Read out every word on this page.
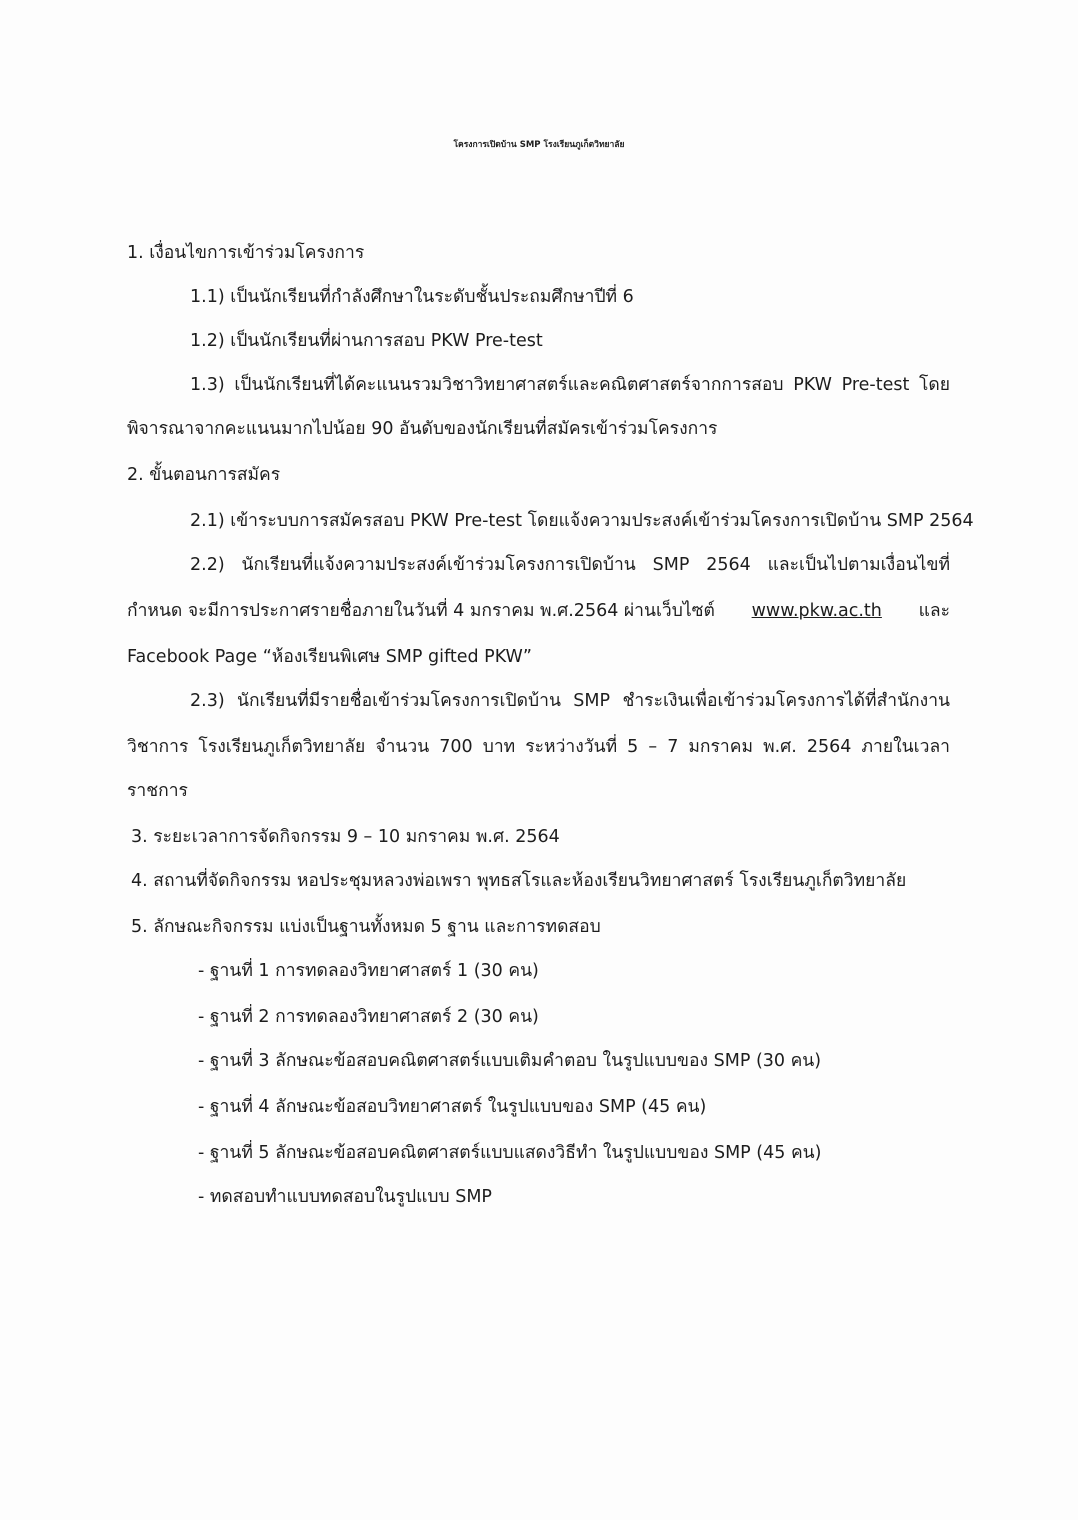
โครงการเปิดบ้าน SMP โรงเรียนภูเก็ตวิทยาลัย
1. เงื่อนไขการเข้าร่วมโครงการ
1.1) เป็นนักเรียนที่กำลังศึกษาในระดับชั้นประถมศึกษาปีที่ 6
1.2) เป็นนักเรียนที่ผ่านการสอบ PKW Pre-test
1.3) เป็นนักเรียนที่ได้คะแนนรวมวิชาวิทยาศาสตร์และคณิตศาสตร์จากการสอบ PKW Pre-test โดย
พิจารณาจากคะแนนมากไปน้อย 90 อันดับของนักเรียนที่สมัครเข้าร่วมโครงการ
2. ขั้นตอนการสมัคร
2.1) เข้าระบบการสมัครสอบ PKW Pre-test โดยแจ้งความประสงค์เข้าร่วมโครงการเปิดบ้าน SMP 2564
2.2) นักเรียนที่แจ้งความประสงค์เข้าร่วมโครงการเปิดบ้าน SMP 2564 และเป็นไปตามเงื่อนไขที่
กำหนด จะมีการประกาศรายชื่อภายในวันที่ 4 มกราคม พ.ศ.2564 ผ่านเว็บไซต์ www.pkw.ac.th และ
Facebook Page “ห้องเรียนพิเศษ SMP gifted PKW”
2.3) นักเรียนที่มีรายชื่อเข้าร่วมโครงการเปิดบ้าน SMP ชำระเงินเพื่อเข้าร่วมโครงการได้ที่สำนักงาน
วิชาการ โรงเรียนภูเก็ตวิทยาลัย จำนวน 700 บาท ระหว่างวันที่ 5 – 7 มกราคม พ.ศ. 2564 ภายในเวลา
ราชการ
3. ระยะเวลาการจัดกิจกรรม 9 – 10 มกราคม พ.ศ. 2564
4. สถานที่จัดกิจกรรม หอประชุมหลวงพ่อเพรา พุทธสโรและห้องเรียนวิทยาศาสตร์ โรงเรียนภูเก็ตวิทยาลัย
5. ลักษณะกิจกรรม แบ่งเป็นฐานทั้งหมด 5 ฐาน และการทดสอบ
- ฐานที่ 1 การทดลองวิทยาศาสตร์ 1 (30 คน)
- ฐานที่ 2 การทดลองวิทยาศาสตร์ 2 (30 คน)
- ฐานที่ 3 ลักษณะข้อสอบคณิตศาสตร์แบบเติมคำตอบ ในรูปแบบของ SMP (30 คน)
- ฐานที่ 4 ลักษณะข้อสอบวิทยาศาสตร์ ในรูปแบบของ SMP (45 คน)
- ฐานที่ 5 ลักษณะข้อสอบคณิตศาสตร์แบบแสดงวิธีทำ ในรูปแบบของ SMP (45 คน)
- ทดสอบทำแบบทดสอบในรูปแบบ SMP
